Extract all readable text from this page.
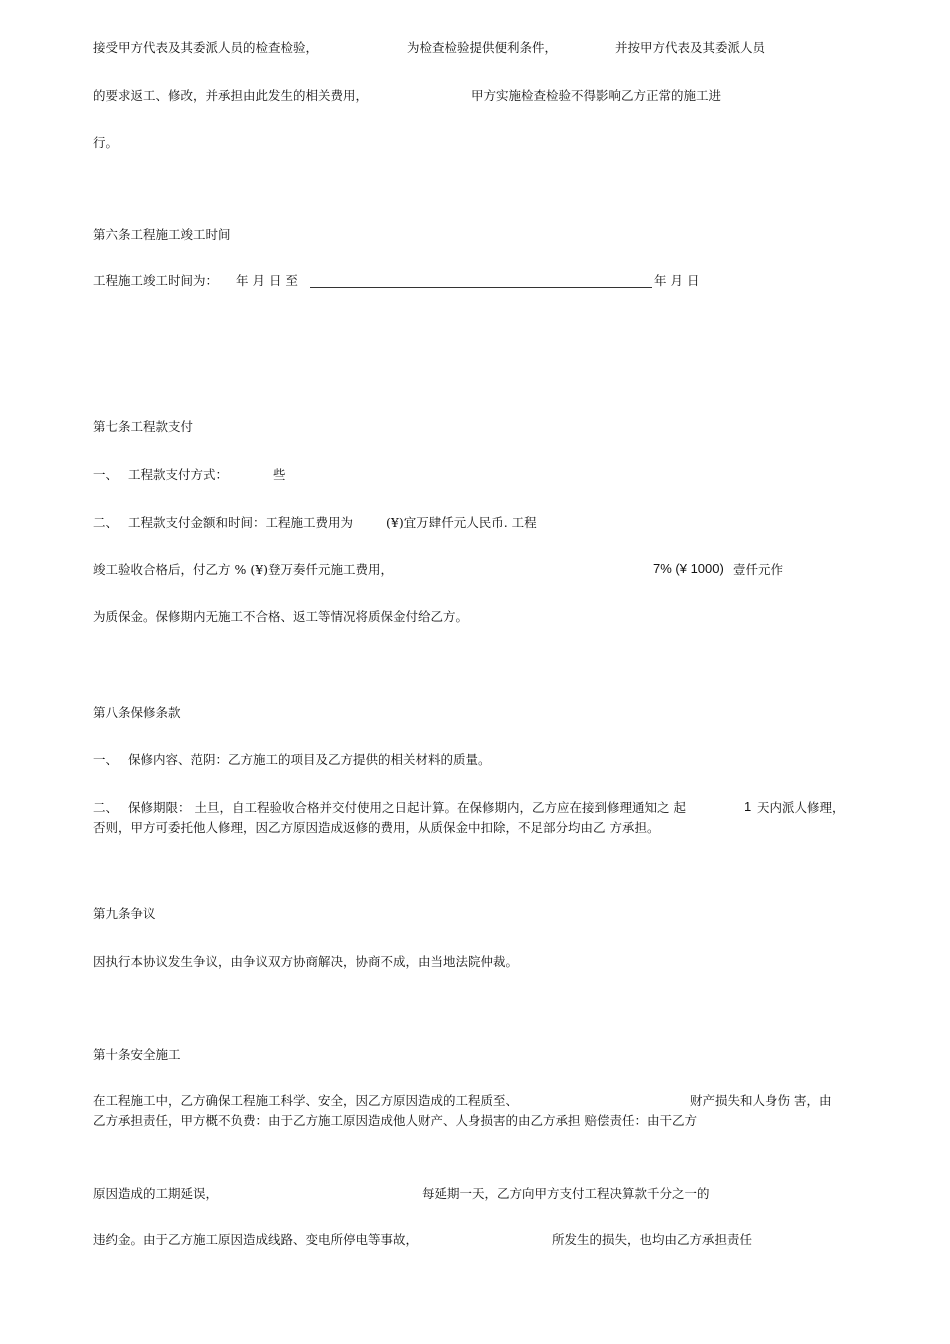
接受甲方代表及其委派人员的检查检验，	为检查检验提供便利条件，	并按甲方代表及其委派人员
的要求返工、修改，并承担由此发生的相关费用，	甲方实施检查检验不得影响乙方正常的施工进
行。
第六条工程施工竣工时间
工程施工竣工时间为： 年 月 日 至	年 月 日
第七条工程款支付
一、 工程款支付方式：	些
二、 工程款支付金额和时间：工程施工费用为	(¥)宜万肆仟元人民币. 工程
竣工验收合格后，付乙方 % (¥)登万奏仟元施工费用，	7% (¥ 1000) 壹仟元作
为质保金。保修期内无施工不合格、返工等情况将质保金付给乙方。
第八条保修条款
一、 保修内容、范阴：乙方施工的项目及乙方提供的相关材料的质量。
二、 保修期限： 土旦，自工程验收合格并交付使用之日起计算。在保修期内，乙方应在接到修理通知之 起	1 天内派人修理，
否则，甲方可委托他人修理，因乙方原因造成返修的费用，从质保金中扣除，不足部分均由乙 方承担。
第九条争议
因执行本协议发生争议，由争议双方协商解决，协商不成，由当地法院仲裁。
第十条安全施工
在工程施工中，乙方确保工程施工科学、安全，因乙方原因造成的工程质至、	财产损失和人身伤 害，由
乙方承担责任，甲方概不负费：由于乙方施工原因造成他人财产、人身损害的由乙方承担 赔偿责任：由干乙方
原因造成的工期延误，	每延期一天，乙方向甲方支付工程决算款千分之一的
违约金。由于乙方施工原因造成线路、变电所停电等事故，	所发生的损失，也均由乙方承担责任
